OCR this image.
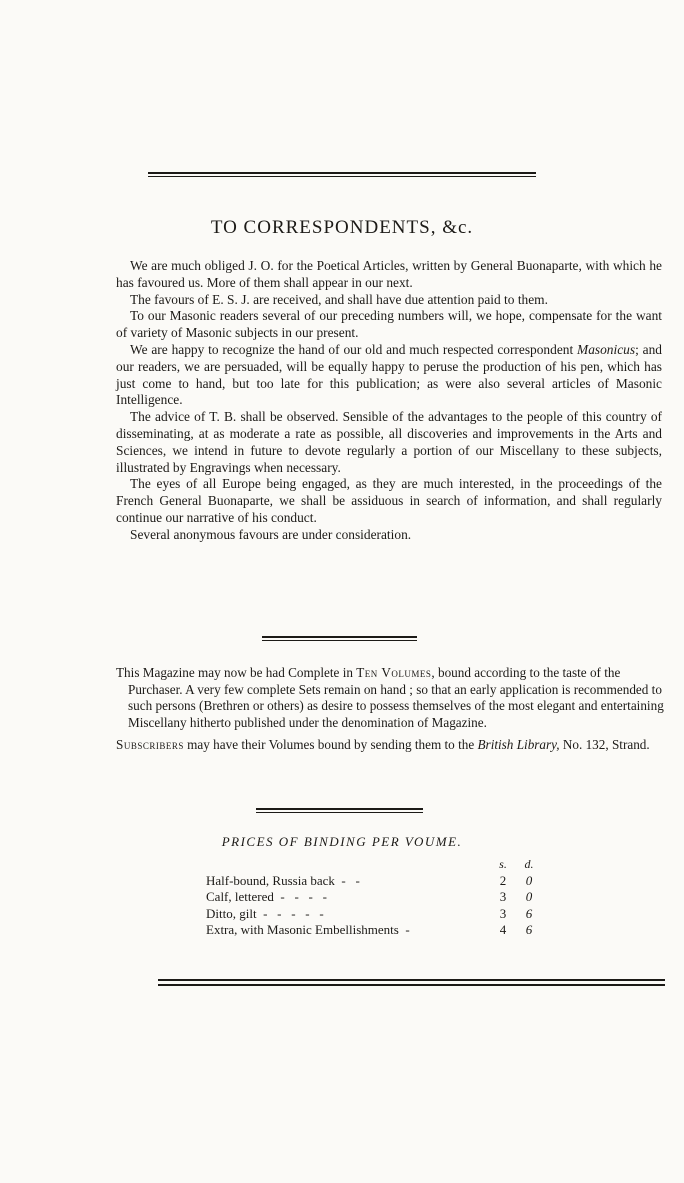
TO CORRESPONDENTS, &c.

We are much obliged J. O. for the Poetical Articles, written by General Buonaparte, with which he has favoured us. More of them shall appear in our next.

The favours of E. S. J. are received, and shall have due attention paid to them.

To our Masonic readers several of our preceding numbers will, we hope, compensate for the want of variety of Masonic subjects in our present.

We are happy to recognize the hand of our old and much respected correspondent Masonicus; and our readers, we are persuaded, will be equally happy to peruse the production of his pen, which has just come to hand, but too late for this publication; as were also several articles of Masonic Intelligence.

The advice of T. B. shall be observed. Sensible of the advantages to the people of this country of disseminating, at as moderate a rate as possible, all discoveries and improvements in the Arts and Sciences, we intend in future to devote regularly a portion of our Miscellany to these subjects, illustrated by Engravings when necessary.

The eyes of all Europe being engaged, as they are much interested, in the proceedings of the French General Buonaparte, we shall be assiduous in search of information, and shall regularly continue our narrative of his conduct.

Several anonymous favours are under consideration.

This Magazine may now be had Complete in Ten Volumes, bound according to the taste of the Purchaser. A very few complete Sets remain on hand ; so that an early application is recommended to such persons (Brethren or others) as desire to possess themselves of the most elegant and entertaining Miscellany hitherto published under the denomination of Magazine.

Subscribers may have their Volumes bound by sending them to the British Library, No. 132, Strand.

PRICES OF BINDING PER VOUME.
s.	d.
Half-bound, Russia back  -   -	2	0
Calf, lettered  -   -   -   -	3	0
Ditto, gilt  -   -   -   -   -	3	6
Extra, with Masonic Embellishments  -	4	6
